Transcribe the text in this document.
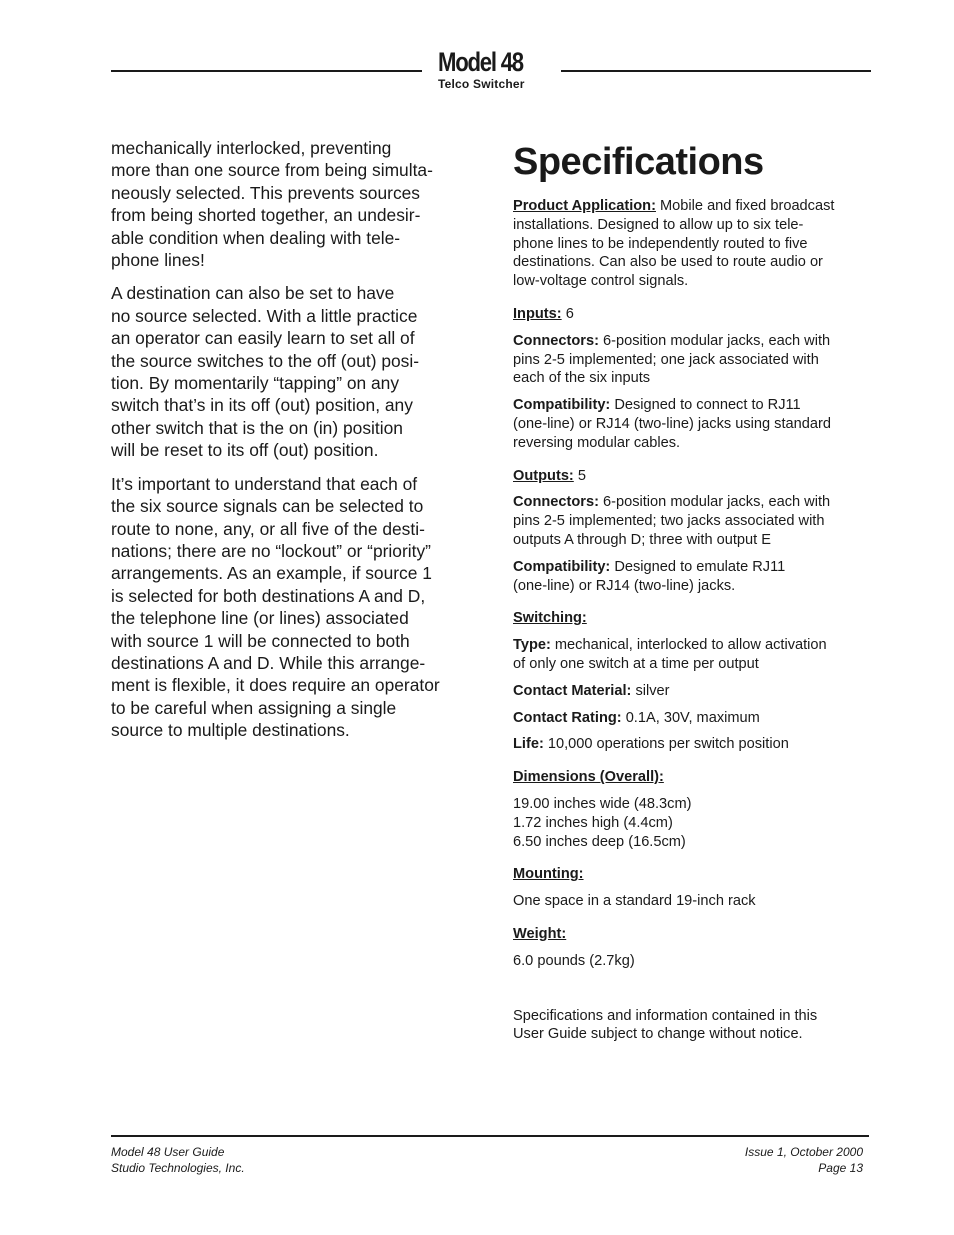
Model 48
Telco Switcher

mechanically interlocked, preventing
more than one source from being simulta-
neously selected. This prevents sources
from being shorted together, an undesir-
able condition when dealing with tele-
phone lines!

A destination can also be set to have
no source selected. With a little practice
an operator can easily learn to set all of
the source switches to the off (out) posi-
tion. By momentarily “tapping” on any
switch that’s in its off (out) position, any
other switch that is the on (in) position
will be reset to its off (out) position.

It’s important to understand that each of
the six source signals can be selected to
route to none, any, or all five of the desti-
nations; there are no “lockout” or “priority”
arrangements. As an example, if source 1
is selected for both destinations A and D,
the telephone line (or lines) associated
with source 1 will be connected to both
destinations A and D. While this arrange-
ment is flexible, it does require an operator
to be careful when assigning a single
source to multiple destinations.

Specifications
Product Application: Mobile and fixed broadcast
installations. Designed to allow up to six tele-
phone lines to be independently routed to five
destinations. Can also be used to route audio or
low-voltage control signals.
Inputs: 6
Connectors: 6-position modular jacks, each with
pins 2-5 implemented; one jack associated with
each of the six inputs
Compatibility: Designed to connect to RJ11
(one-line) or RJ14 (two-line) jacks using standard
reversing modular cables.
Outputs: 5
Connectors: 6-position modular jacks, each with
pins 2-5 implemented; two jacks associated with
outputs A through D; three with output E
Compatibility: Designed to emulate RJ11
(one-line) or RJ14 (two-line) jacks.
Switching:
Type: mechanical, interlocked to allow activation
of only one switch at a time per output
Contact Material: silver
Contact Rating: 0.1A, 30V, maximum
Life: 10,000 operations per switch position
Dimensions (Overall):
19.00 inches wide (48.3cm)
1.72 inches high (4.4cm)
6.50 inches deep (16.5cm)
Mounting:
One space in a standard 19-inch rack
Weight:
6.0 pounds (2.7kg)
Specifications and information contained in this
User Guide subject to change without notice.
Model 48 User Guide
Studio Technologies, Inc.
Issue 1, October 2000
Page 13
